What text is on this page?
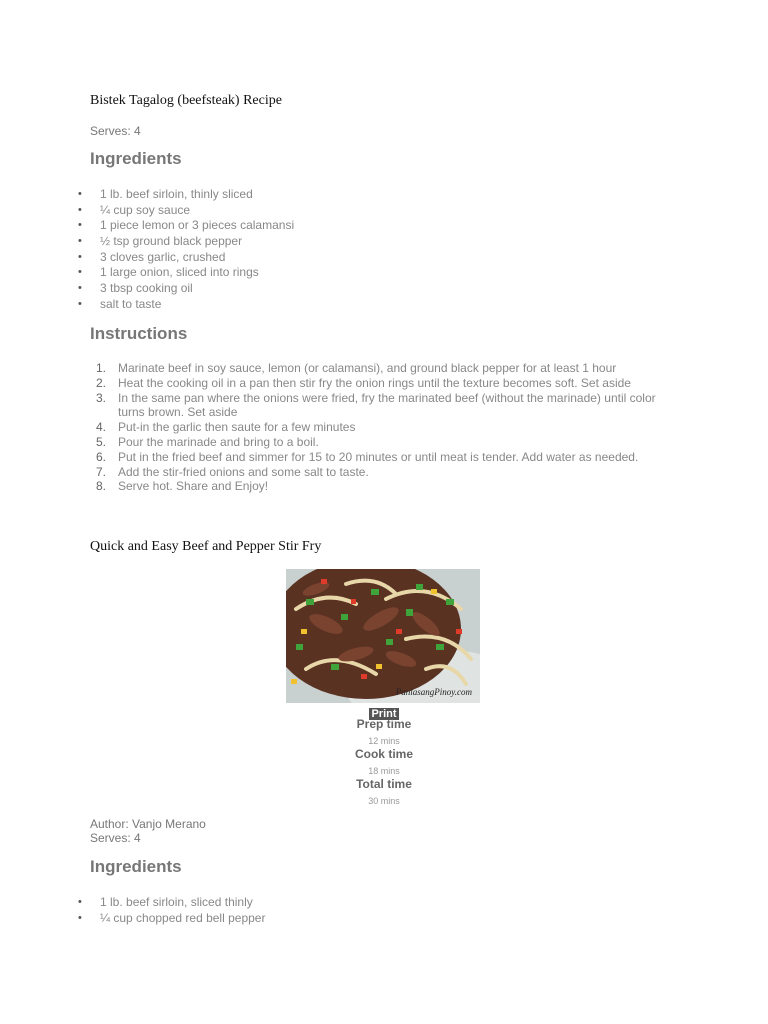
Bistek Tagalog (beefsteak) Recipe
Serves: 4
Ingredients
• 1 lb. beef sirloin, thinly sliced
• ¼ cup soy sauce
• 1 piece lemon or 3 pieces calamansi
• ½ tsp ground black pepper
• 3 cloves garlic, crushed
• 1 large onion, sliced into rings
• 3 tbsp cooking oil
• salt to taste
Instructions
1. Marinate beef in soy sauce, lemon (or calamansi), and ground black pepper for at least 1 hour
2. Heat the cooking oil in a pan then stir fry the onion rings until the texture becomes soft. Set aside
3. In the same pan where the onions were fried, fry the marinated beef (without the marinade) until color turns brown. Set aside
4. Put-in the garlic then saute for a few minutes
5. Pour the marinade and bring to a boil.
6. Put in the fried beef and simmer for 15 to 20 minutes or until meat is tender. Add water as needed.
7. Add the stir-fried onions and some salt to taste.
8. Serve hot. Share and Enjoy!
Quick and Easy Beef and Pepper Stir Fry
PanlasangPinoy.com
Print
Prep time
12 mins
Cook time
18 mins
Total time
30 mins
Author: Vanjo Merano
Serves: 4
Ingredients
• 1 lb. beef sirloin, sliced thinly
• ¼ cup chopped red bell pepper
